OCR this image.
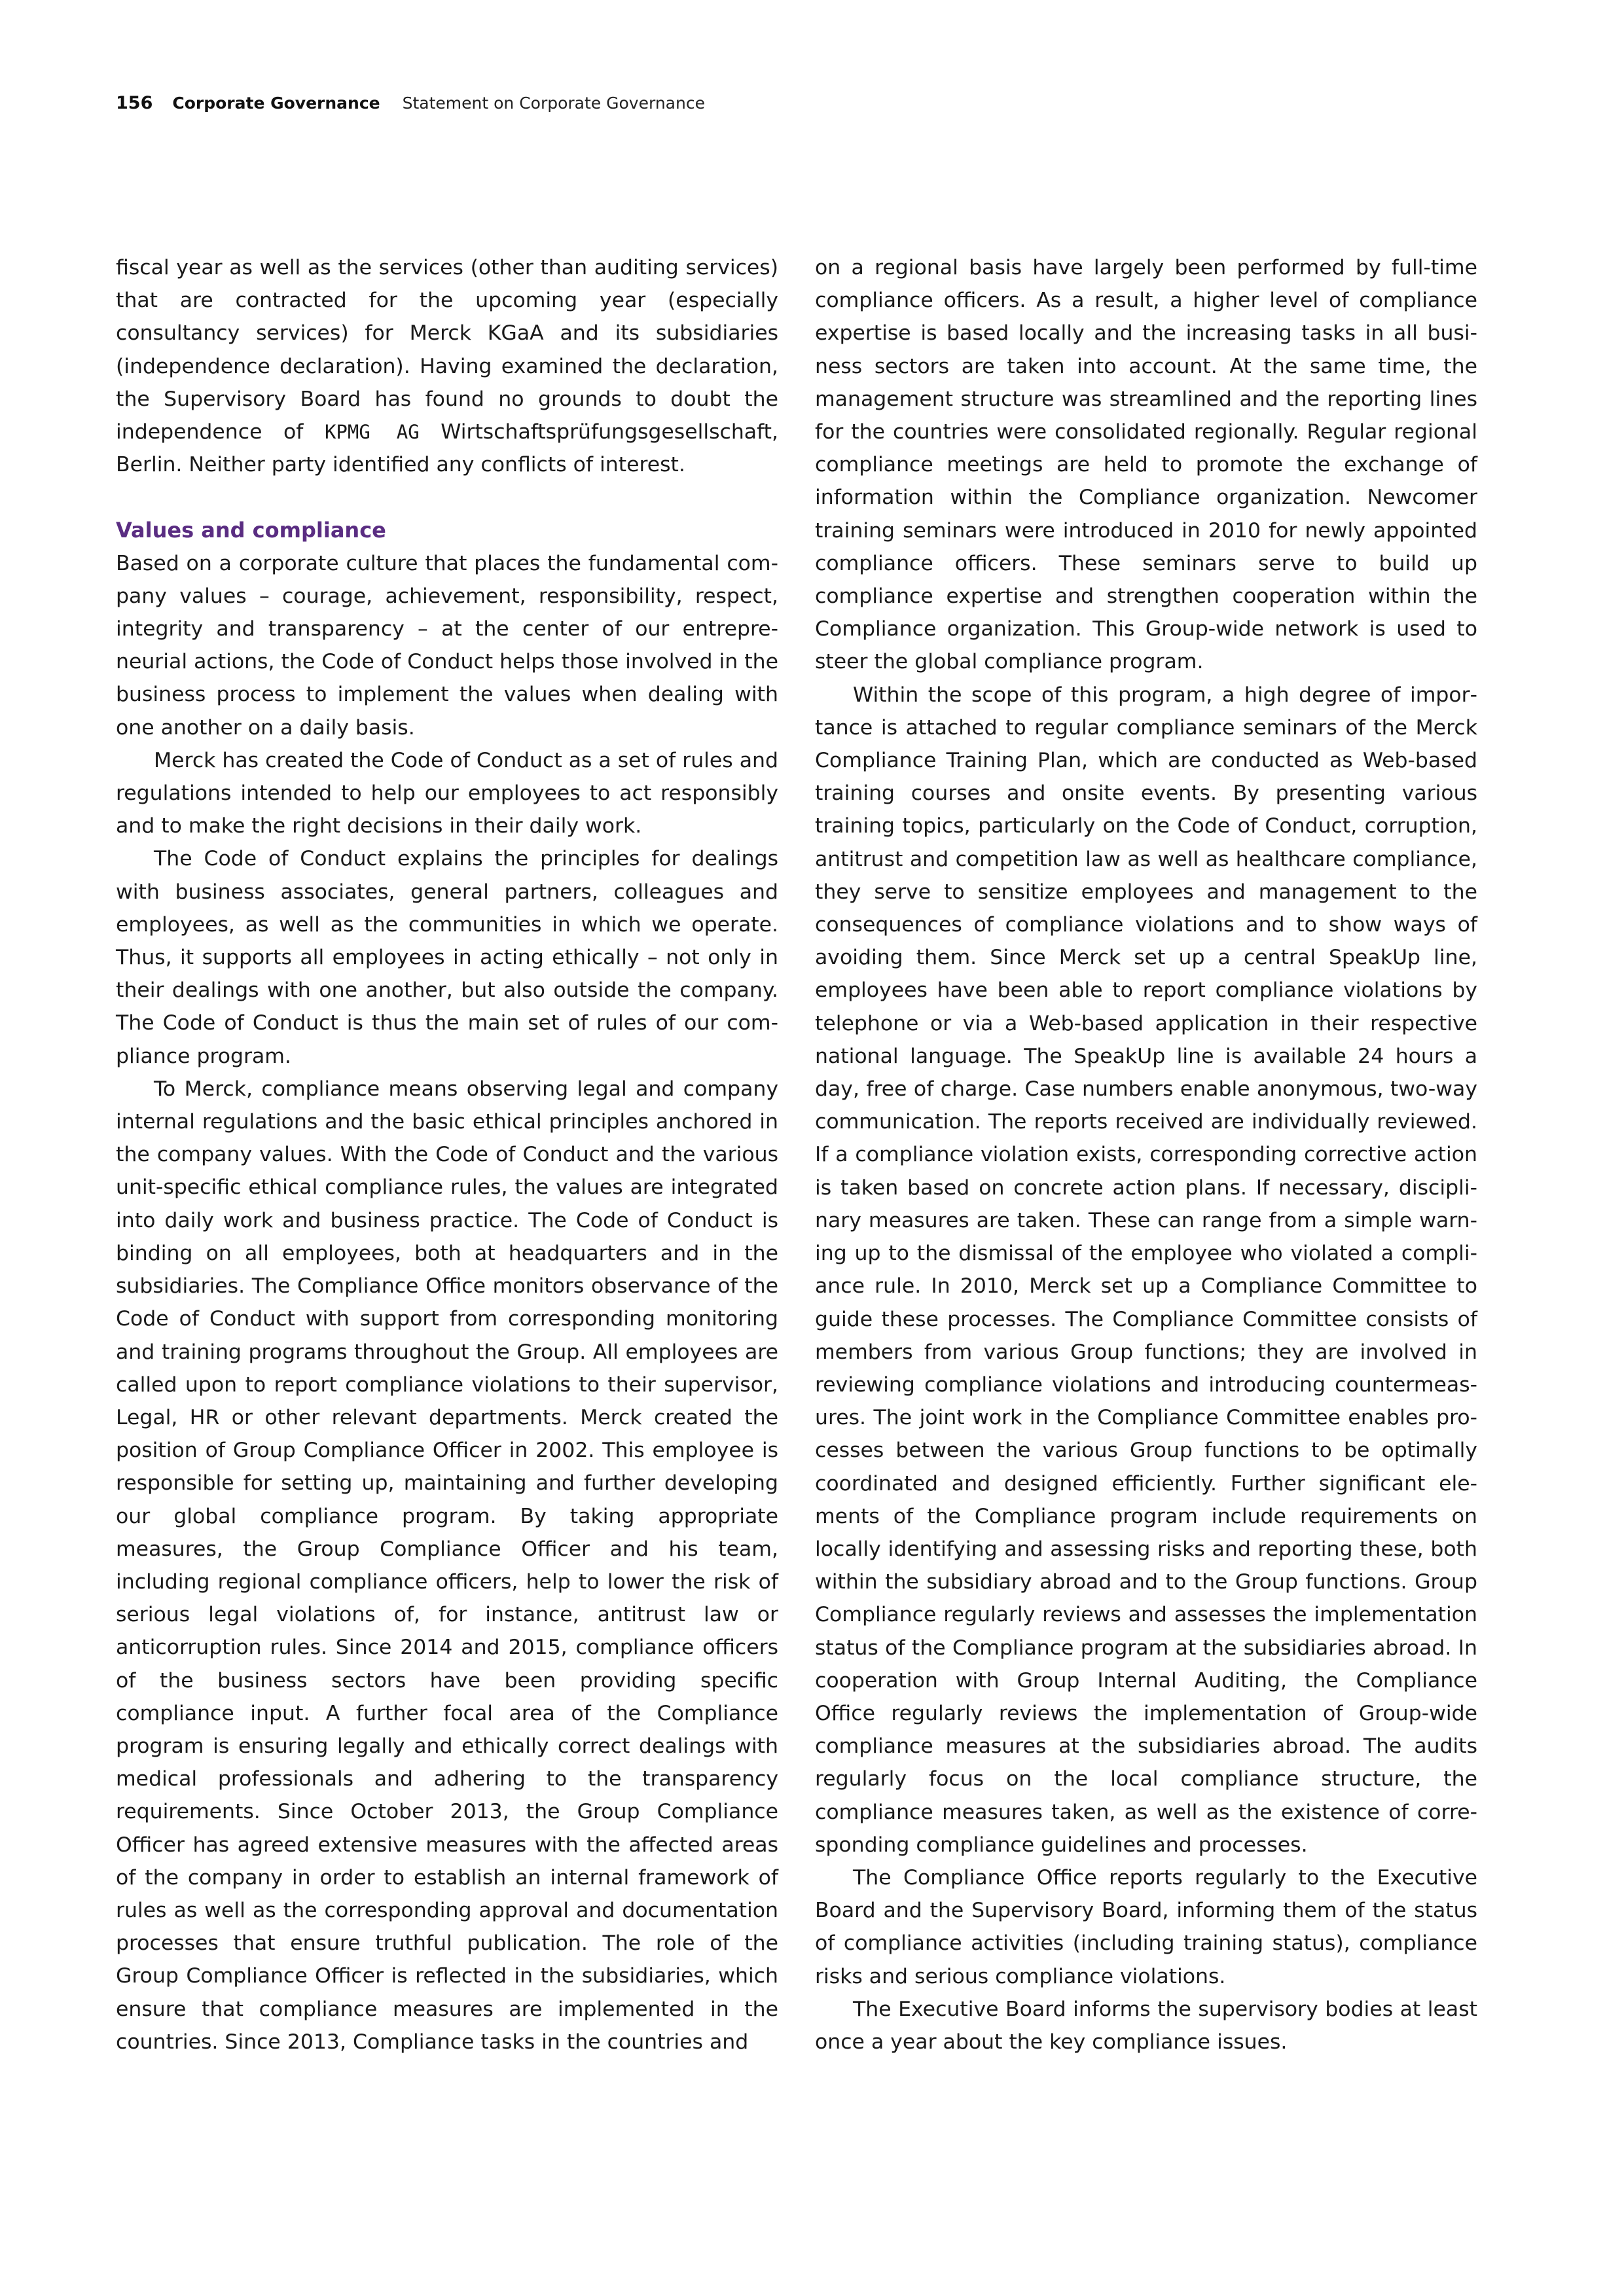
156 Corporate Governance Statement on Corporate Governance

fiscal year as well as the services (other than auditing services) that are contracted for the upcoming year (especially consultancy services) for Merck KGaA and its subsidiaries (independence declaration). Having examined the declaration, the Supervisory Board has found no grounds to doubt the independence of KPMG AG Wirtschaftsprüfungsgesellschaft, Berlin. Neither party identified any conflicts of interest.

Values and compliance

Based on a corporate culture that places the fundamental company values – courage, achievement, responsibility, respect, integrity and transparency – at the center of our entrepreneurial actions, the Code of Conduct helps those involved in the business process to implement the values when dealing with one another on a daily basis.

Merck has created the Code of Conduct as a set of rules and regulations intended to help our employees to act responsibly and to make the right decisions in their daily work.

The Code of Conduct explains the principles for dealings with business associates, general partners, colleagues and employees, as well as the communities in which we operate. Thus, it supports all employees in acting ethically – not only in their dealings with one another, but also outside the company. The Code of Conduct is thus the main set of rules of our compliance program.

To Merck, compliance means observing legal and company internal regulations and the basic ethical principles anchored in the company values. With the Code of Conduct and the various unit-specific ethical compliance rules, the values are integrated into daily work and business practice. The Code of Conduct is binding on all employees, both at headquarters and in the subsidiaries. The Compliance Office monitors observance of the Code of Conduct with support from corresponding monitoring and training programs throughout the Group. All employees are called upon to report compliance violations to their supervisor, Legal, HR or other relevant departments. Merck created the position of Group Compliance Officer in 2002. This employee is responsible for setting up, maintaining and further developing our global compliance program. By taking appropriate measures, the Group Compliance Officer and his team, including regional compliance officers, help to lower the risk of serious legal violations of, for instance, antitrust law or anticorruption rules. Since 2014 and 2015, compliance officers of the business sectors have been providing specific compliance input. A further focal area of the Compliance program is ensuring legally and ethically correct dealings with medical professionals and adhering to the transparency requirements. Since October 2013, the Group Compliance Officer has agreed extensive measures with the affected areas of the company in order to establish an internal framework of rules as well as the corresponding approval and documentation processes that ensure truthful publication. The role of the Group Compliance Officer is reflected in the subsidiaries, which ensure that compliance measures are implemented in the countries. Since 2013, Compliance tasks in the countries and

on a regional basis have largely been performed by full-time compliance officers. As a result, a higher level of compliance expertise is based locally and the increasing tasks in all business sectors are taken into account. At the same time, the management structure was streamlined and the reporting lines for the countries were consolidated regionally. Regular regional compliance meetings are held to promote the exchange of information within the Compliance organization. Newcomer training seminars were introduced in 2010 for newly appointed compliance officers. These seminars serve to build up compliance expertise and strengthen cooperation within the Compliance organization. This Group-wide network is used to steer the global compliance program.

Within the scope of this program, a high degree of importance is attached to regular compliance seminars of the Merck Compliance Training Plan, which are conducted as Web-based training courses and onsite events. By presenting various training topics, particularly on the Code of Conduct, corruption, antitrust and competition law as well as healthcare compliance, they serve to sensitize employees and management to the consequences of compliance violations and to show ways of avoiding them. Since Merck set up a central SpeakUp line, employees have been able to report compliance violations by telephone or via a Web-based application in their respective national language. The SpeakUp line is available 24 hours a day, free of charge. Case numbers enable anonymous, two-way communication. The reports received are individually reviewed. If a compliance violation exists, corresponding corrective action is taken based on concrete action plans. If necessary, disciplinary measures are taken. These can range from a simple warning up to the dismissal of the employee who violated a compliance rule. In 2010, Merck set up a Compliance Committee to guide these processes. The Compliance Committee consists of members from various Group functions; they are involved in reviewing compliance violations and introducing countermeasures. The joint work in the Compliance Committee enables processes between the various Group functions to be optimally coordinated and designed efficiently. Further significant elements of the Compliance program include requirements on locally identifying and assessing risks and reporting these, both within the subsidiary abroad and to the Group functions. Group Compliance regularly reviews and assesses the implementation status of the Compliance program at the subsidiaries abroad. In cooperation with Group Internal Auditing, the Compliance Office regularly reviews the implementation of Group-wide compliance measures at the subsidiaries abroad. The audits regularly focus on the local compliance structure, the compliance measures taken, as well as the existence of corresponding compliance guidelines and processes.

The Compliance Office reports regularly to the Executive Board and the Supervisory Board, informing them of the status of compliance activities (including training status), compliance risks and serious compliance violations.

The Executive Board informs the supervisory bodies at least once a year about the key compliance issues.
